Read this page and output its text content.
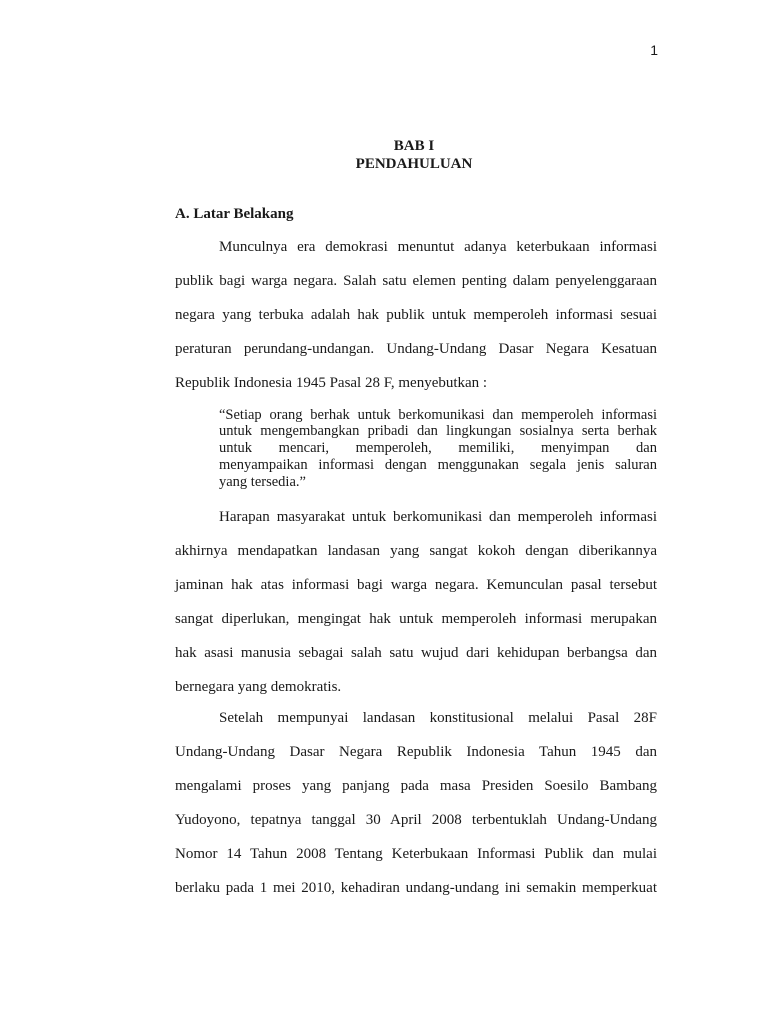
1
BAB I
PENDAHULUAN
A. Latar Belakang
Munculnya era demokrasi menuntut adanya keterbukaan informasi
publik bagi warga negara. Salah satu elemen penting dalam penyelenggaraan
negara yang terbuka adalah hak publik untuk memperoleh informasi sesuai
peraturan perundang-undangan. Undang-Undang Dasar Negara Kesatuan
Republik Indonesia 1945 Pasal 28 F, menyebutkan :
“Setiap orang berhak untuk berkomunikasi dan memperoleh informasi
untuk mengembangkan pribadi dan lingkungan sosialnya serta berhak
untuk mencari, memperoleh, memiliki, menyimpan dan
menyampaikan informasi dengan menggunakan segala jenis saluran
yang tersedia.”
Harapan masyarakat untuk berkomunikasi dan memperoleh informasi
akhirnya mendapatkan landasan yang sangat kokoh dengan diberikannya
jaminan hak atas informasi bagi warga negara. Kemunculan pasal tersebut
sangat diperlukan, mengingat hak untuk memperoleh informasi merupakan
hak asasi manusia sebagai salah satu wujud dari kehidupan berbangsa dan
bernegara yang demokratis.
Setelah mempunyai landasan konstitusional melalui Pasal 28F
Undang-Undang Dasar Negara Republik Indonesia Tahun 1945 dan
mengalami proses yang panjang pada masa Presiden Soesilo Bambang
Yudoyono, tepatnya tanggal 30 April 2008 terbentuklah Undang-Undang
Nomor 14 Tahun 2008 Tentang Keterbukaan Informasi Publik dan mulai
berlaku pada 1 mei 2010, kehadiran undang-undang ini semakin memperkuat
